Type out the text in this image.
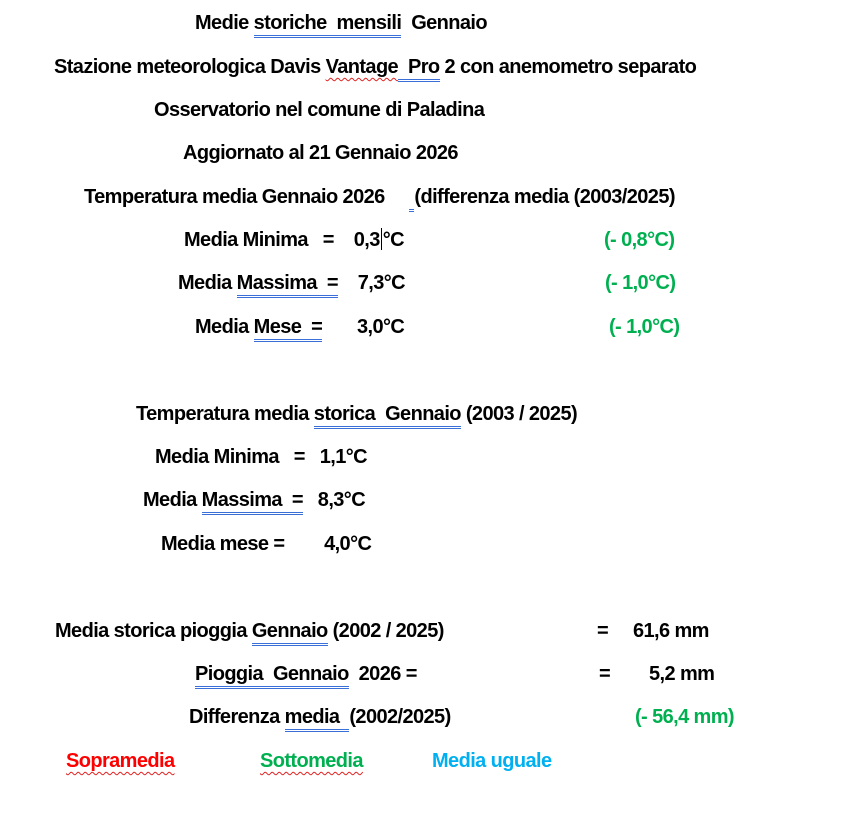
Medie storiche  mensili  Gennaio
Stazione meteorologica Davis Vantage  Pro 2 con anemometro separato
Osservatorio nel comune di Paladina
Aggiornato al 21 Gennaio 2026
Temperatura media Gennaio 2026      (differenza media (2003/2025)
Media Minima   =    0,3 °C	(- 0,8°C)
Media Massima  =    7,3°C	(- 1,0°C)
Media Mese  =       3,0°C	(- 1,0°C)
Temperatura media storica  Gennaio (2003 / 2025)
Media Minima   =   1,1°C
Media Massima  =   8,3°C
Media mese =        4,0°C
Media storica pioggia Gennaio (2002 / 2025)	= 61,6 mm
Pioggia  Gennaio  2026 =	= 5,2 mm
Differenza media  (2002/2025)	(- 56,4 mm)
Sopramedia	Sottomedia	Media uguale
